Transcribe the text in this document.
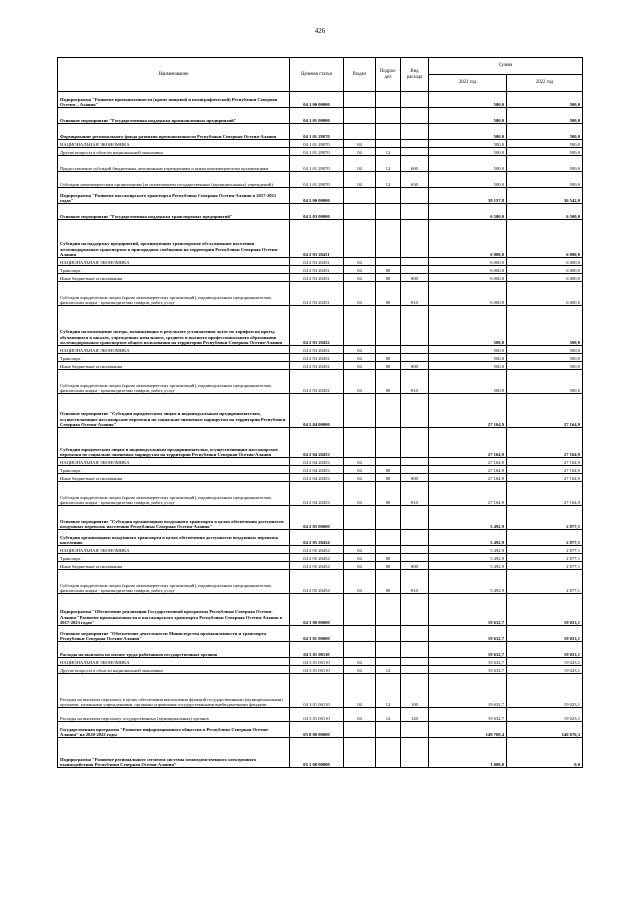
426
Наименование	Целевая статья	Раздел	Подраз-дел	Вид расхода	Сумма	
					2021 год	2022 год
Подпрограмма "Развитие промышленности (кроме пищевой и полиграфической) Республики Северная Осетия – Алания"	04 1 00 00000				500,0	500,0
Основное мероприятие "Государственная поддержка промышленных предприятий"	04 1 01 00000				500,0	500,0
Формирование регионального фонда развития промышленности Республики Северная Осетия-Алания	04 1 01 28070				500,0	500,0
НАЦИОНАЛЬНАЯ ЭКОНОМИКА	04 1 01 28070	04			500,0	500,0
Другие вопросы в области национальной экономики	04 1 01 28070	04	12		500,0	500,0
Предоставление субсидий бюджетным, автономным учреждениям и иным некоммерческим организациям	04 1 01 28070	04	12	600	500,0	500,0
Субсидии некоммерческим организациям (за исключением государственных (муниципальных) учреждений)	04 1 01 28070	04	12	630	500,0	500,0
Подпрограмма "Развитие пассажирского транспорта Республики Северная Осетия-Алания в 2017-2021 годах"	04 2 00 00000				39 157,8	36 542,0
Основное мероприятие "Государственная поддержка транспортных предприятий"	04 2 03 00000				6 500,0	6 500,0
Субсидии на поддержку предприятий, организующих транспортное обслуживание населения железнодорожным транспортом в пригородном сообщении на территории Республики Северная Осетия-Алания	04 2 03 20451				6 000,0	6 000,0
НАЦИОНАЛЬНАЯ ЭКОНОМИКА	04 2 03 20451	04			6 000,0	6 000,0
Транспорт	04 2 03 20451	04	08		6 000,0	6 000,0
Иные бюджетные ассигнования	04 2 03 20451	04	08	800	6 000,0	6 000,0
Субсидии юридическим лицам (кроме некоммерческих организаций), индивидуальным предпринимателям, физическим лицам - производителям товаров, работ, услуг	04 2 03 20451	04	08	810	6 000,0	6 000,0
Субсидии на возмещение потерь, возникающих в результате установления льгот по тарифам на проезд обучающихся в школах, учреждениях начального, среднего и высшего профессионального образования железнодорожным транспортом общего пользования на территории Республики Северная Осетия-Алания	04 2 03 20452				500,0	500,0
НАЦИОНАЛЬНАЯ ЭКОНОМИКА	04 2 03 20452	04			500,0	500,0
Транспорт	04 2 03 20452	04	08		500,0	500,0
Иные бюджетные ассигнования	04 2 03 20452	04	08	800	500,0	500,0
Субсидии юридическим лицам (кроме некоммерческих организаций), индивидуальным предпринимателям, физическим лицам - производителям товаров, работ, услуг	04 2 03 20452	04	08	810	500,0	500,0
Основное мероприятие "Субсидии юридическим лицам и индивидуальным предпринимателям, осуществляющим пассажирские перевозки по социально-значимым маршрутам на территории Республики Северная Осетия-Алания"	04 2 04 00000				27 164,9	27 164,9
Субсидии юридическим лицам и индивидуальным предпринимателям, осуществляющим пассажирские перевозки по социально-значимым маршрутам на территории Республики Северная Осетия-Алания	04 2 04 20453				27 164,9	27 164,9
НАЦИОНАЛЬНАЯ ЭКОНОМИКА	04 2 04 20453	04			27 164,9	27 164,9
Транспорт	04 2 04 20453	04	08		27 164,9	27 164,9
Иные бюджетные ассигнования	04 2 04 20453	04	08	800	27 164,9	27 164,9
Субсидии юридическим лицам (кроме некоммерческих организаций), индивидуальным предпринимателям, физическим лицам - производителям товаров, работ, услуг	04 2 04 20453	04	08	810	27 164,9	27 164,9
Основное мероприятие "Субсидии организациям воздушного транспорта в целях обеспечения доступности воздушных перевозок населению Республики Северная Осетия-Алания"	04 2 05 00000				5 492,9	2 877,1
Субсидии организациям воздушного транспорта в целях обеспечения доступности воздушных перевозок населению	04 2 05 20454				5 492,9	2 877,1
НАЦИОНАЛЬНАЯ ЭКОНОМИКА	04 2 05 20454	04			5 492,9	2 877,1
Транспорт	04 2 05 20454	04	08		5 492,9	2 877,1
Иные бюджетные ассигнования	04 2 05 20454	04	08	800	5 492,9	2 877,1
Субсидии юридическим лицам (кроме некоммерческих организаций), индивидуальным предпринимателям, физическим лицам - производителям товаров, работ, услуг	04 2 05 20454	04	08	810	5 492,9	2 877,1
Подпрограмма "Обеспечение реализации Государственной программы Республики Северная Осетия-Алания "Развитие промышленности и пассажирского транспорта Республики Северная Осетия-Алания в 2017-2023 годах"	04 3 00 00000				19 632,7	19 023,1
Основное мероприятие "Обеспечение деятельности Министерства промышленности и транспорта Республики Северная Осетия-Алания"	04 3 01 00000				19 632,7	19 023,1
Расходы на выплаты по оплате труда работников государственных органов	04 3 01 00110				19 632,7	19 023,1
НАЦИОНАЛЬНАЯ ЭКОНОМИКА	04 3 01 00110	04			19 632,7	19 023,1
Другие вопросы в области национальной экономики	04 3 01 00110	04	12		19 632,7	19 023,1
Расходы на выплаты персоналу в целях обеспечения выполнения функций государственными (муниципальными) органами, казенными учреждениями, органами управления государственными внебюджетными фондами	04 3 01 00110	04	12	100	19 632,7	19 023,1
Расходы на выплаты персоналу государственных (муниципальных) органов	04 3 01 00110	04	12	120	19 632,7	19 023,1
Государственная программа "Развитие информационного общества в Республике Северная Осетия-Алания" на 2020-2022 годы	05 0 00 00000				149 769,4	140 676,3
Подпрограмма "Развитие регионального сегмента системы межведомственного электронного взаимодействия Республики Северная Осетия-Алания"	05 1 00 00000				1 000,0	0,0
